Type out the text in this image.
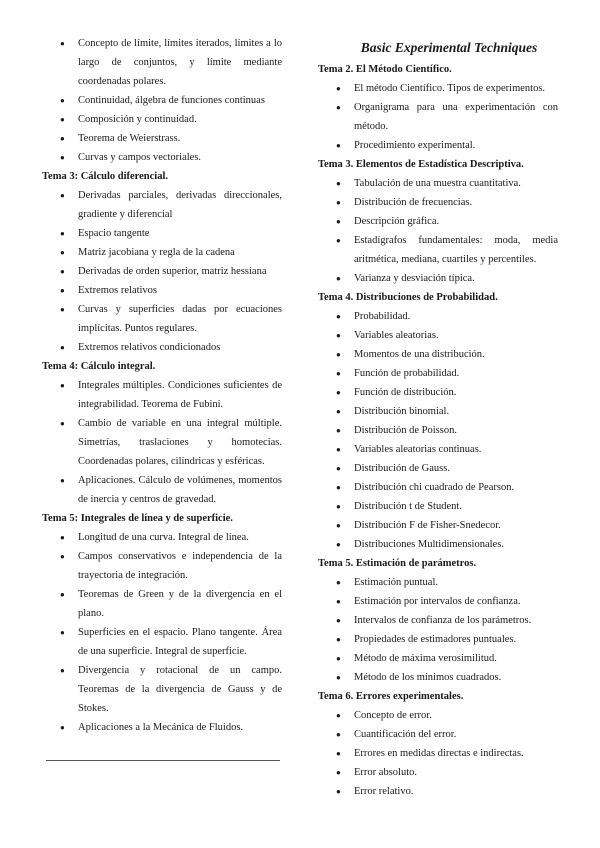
● Concepto de límite, límites iterados, límites a lo largo de conjuntos, y límite mediante coordenadas polares.
● Continuidad, álgebra de funciones continuas
● Composición y continuidad.
● Teorema de Weierstrass.
● Curvas y campos vectoriales.
Tema 3: Cálculo diferencial.
● Derivadas parciales, derivadas direccionales, gradiente y diferencial
● Espacio tangente
● Matriz jacobiana y regla de la cadena
● Derivadas de orden superior, matriz hessiana
● Extremos relativos
● Curvas y superficies dadas por ecuaciones implícitas. Puntos regulares.
● Extremos relativos condicionados
Tema 4: Cálculo integral.
● Integrales múltiples. Condiciones suficientes de integrabilidad. Teorema de Fubini.
● Cambio de variable en una integral múltiple. Simetrías, traslaciones y homotecias. Coordenadas polares, cilíndricas y esféricas.
● Aplicaciones. Cálculo de volúmenes, momentos de inercia y centros de gravedad.
Tema 5: Integrales de línea y de superficie.
● Longitud de una curva. Integral de línea.
● Campos conservativos e independencia de la trayectoria de integración.
● Teoremas de Green y de la divergencia en el plano.
● Superficies en el espacio. Plano tangente. Área de una superficie. Integral de superficie.
● Divergencia y rotacional de un campo. Teoremas de la divergencia de Gauss y de Stokes.
● Aplicaciones a la Mecánica de Fluidos.
Basic Experimental Techniques
Tema 2. El Método Científico.
● El método Científico. Tipos de experimentos.
● Organigrama para una experimentación con método.
● Procedimiento experimental.
Tema 3. Elementos de Estadística Descriptiva.
● Tabulación de una muestra cuantitativa.
● Distribución de frecuencias.
● Descripción gráfica.
● Estadígrafos fundamentales: moda, media aritmética, mediana, cuartiles y percentiles.
● Varianza y desviación típica.
Tema 4. Distribuciones de Probabilidad.
● Probabilidad.
● Variables aleatorias.
● Momentos de una distribución.
● Función de probabilidad.
● Función de distribución.
● Distribución binomial.
● Distribución de Poisson.
● Variables aleatorias continuas.
● Distribución de Gauss.
● Distribución chi cuadrado de Pearson.
● Distribución t de Student.
● Distribución F de Fisher-Snedecor.
● Distribuciones Multidimensionales.
Tema 5. Estimación de parámetros.
● Estimación puntual.
● Estimación por intervalos de confianza.
● Intervalos de confianza de los parámetros.
● Propiedades de estimadores puntuales.
● Método de máxima verosimilitud.
● Método de los mínimos cuadrados.
Tema 6. Errores experimentales.
● Concepto de error.
● Cuantificación del error.
● Errores en medidas directas e indirectas.
● Error absoluto.
● Error relativo.
